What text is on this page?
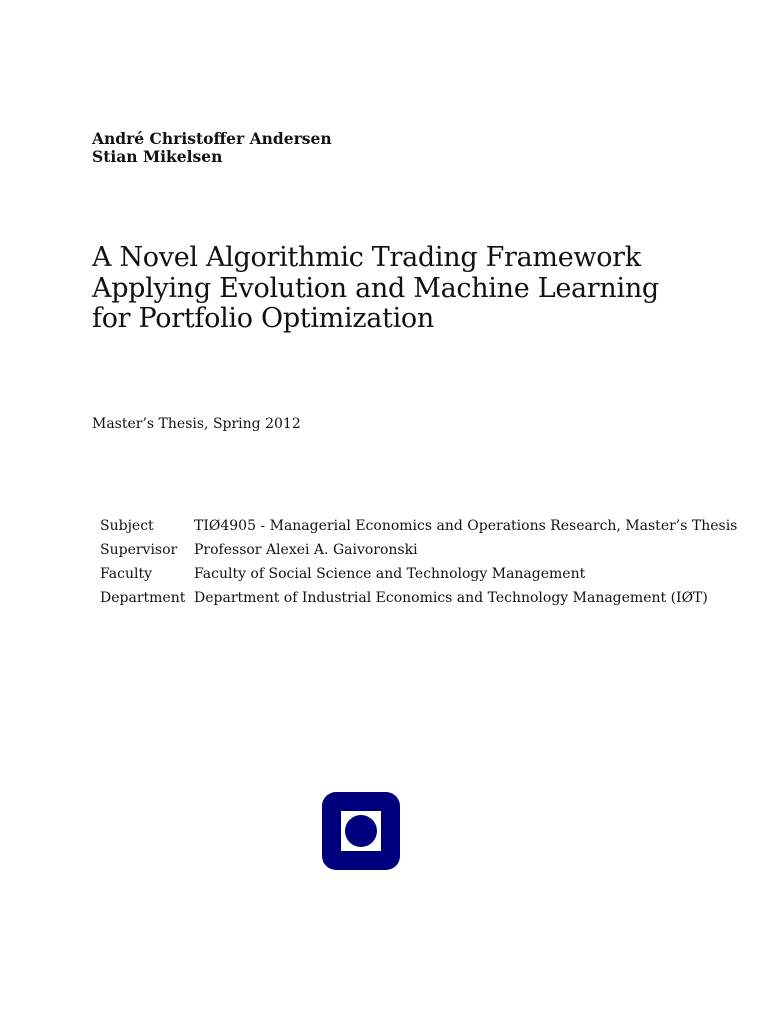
André Christoffer Andersen
Stian Mikelsen
A Novel Algorithmic Trading Framework
Applying Evolution and Machine Learning
for Portfolio Optimization
Master’s Thesis, Spring 2012
Subject	TIØ4905 - Managerial Economics and Operations Research, Master’s Thesis
Supervisor	Professor Alexei A. Gaivoronski
Faculty	Faculty of Social Science and Technology Management
Department	Department of Industrial Economics and Technology Management (IØT)
